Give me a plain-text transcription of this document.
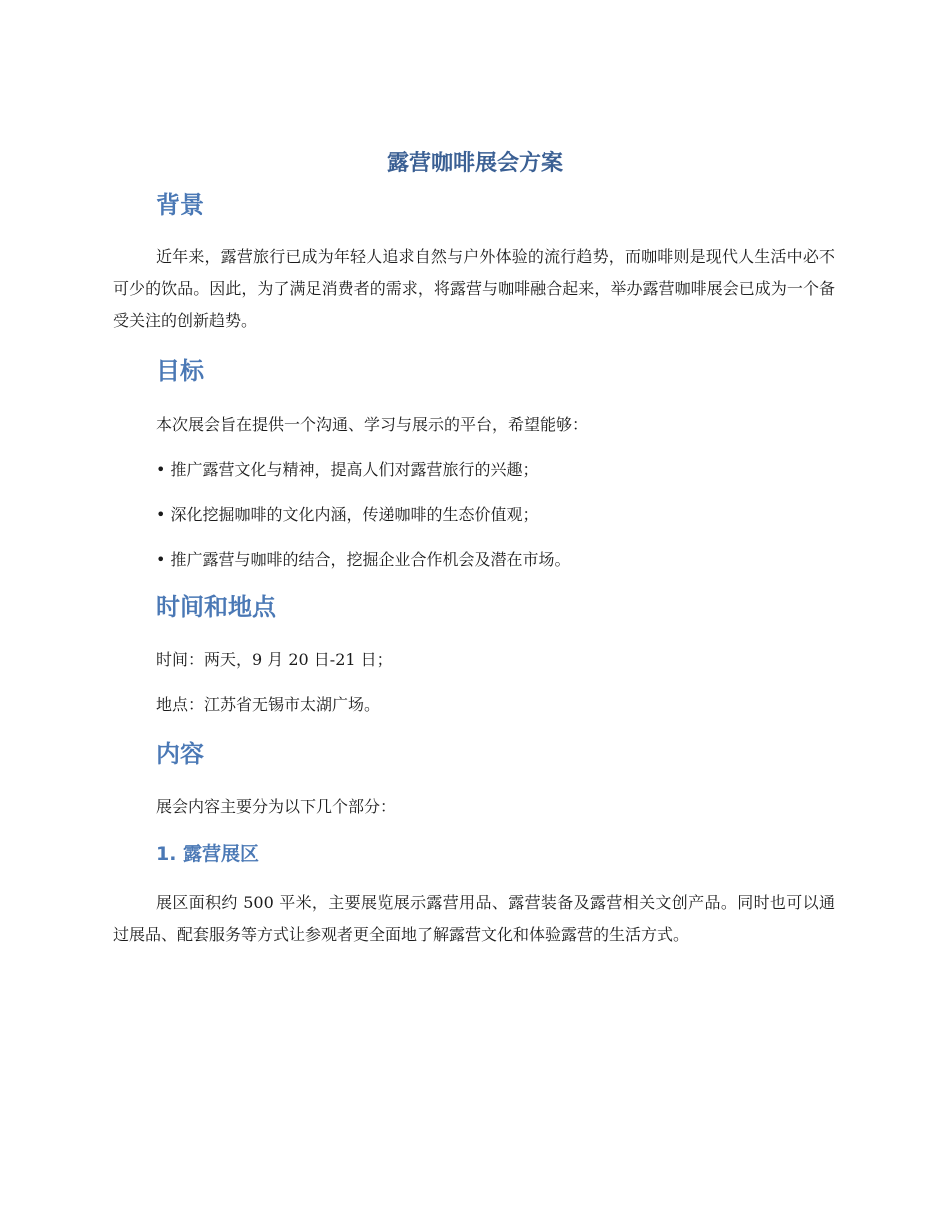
露营咖啡展会方案
背景
近年来，露营旅行已成为年轻人追求自然与户外体验的流行趋势，而咖啡则是现代人生活中必不可少的饮品。因此，为了满足消费者的需求，将露营与咖啡融合起来，举办露营咖啡展会已成为一个备受关注的创新趋势。
目标
本次展会旨在提供一个沟通、学习与展示的平台，希望能够：
• 推广露营文化与精神，提高人们对露营旅行的兴趣；
• 深化挖掘咖啡的文化内涵，传递咖啡的生态价值观；
• 推广露营与咖啡的结合，挖掘企业合作机会及潜在市场。
时间和地点
时间：两天，9 月 20 日-21 日；
地点：江苏省无锡市太湖广场。
内容
展会内容主要分为以下几个部分：
1. 露营展区
展区面积约 500 平米，主要展览展示露营用品、露营装备及露营相关文创产品。同时也可以通过展品、配套服务等方式让参观者更全面地了解露营文化和体验露营的生活方式。
